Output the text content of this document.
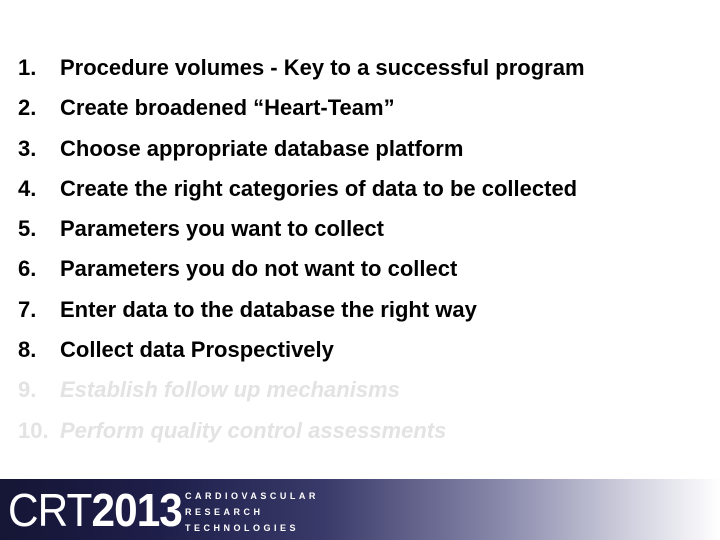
1.	Procedure volumes - Key to a successful program
2.	Create broadened “Heart-Team”
3.	Choose appropriate database platform
4.	Create the right categories of data to be collected
5.	Parameters you want to collect
6.	Parameters you do not want to collect
7.	Enter data to the database the right way
8.	Collect data Prospectively
9.	Establish follow up mechanisms
10. Perform quality control assessments
CRT2013 CARDIOVASCULAR
RESEARCH
TECHNOLOGIES
